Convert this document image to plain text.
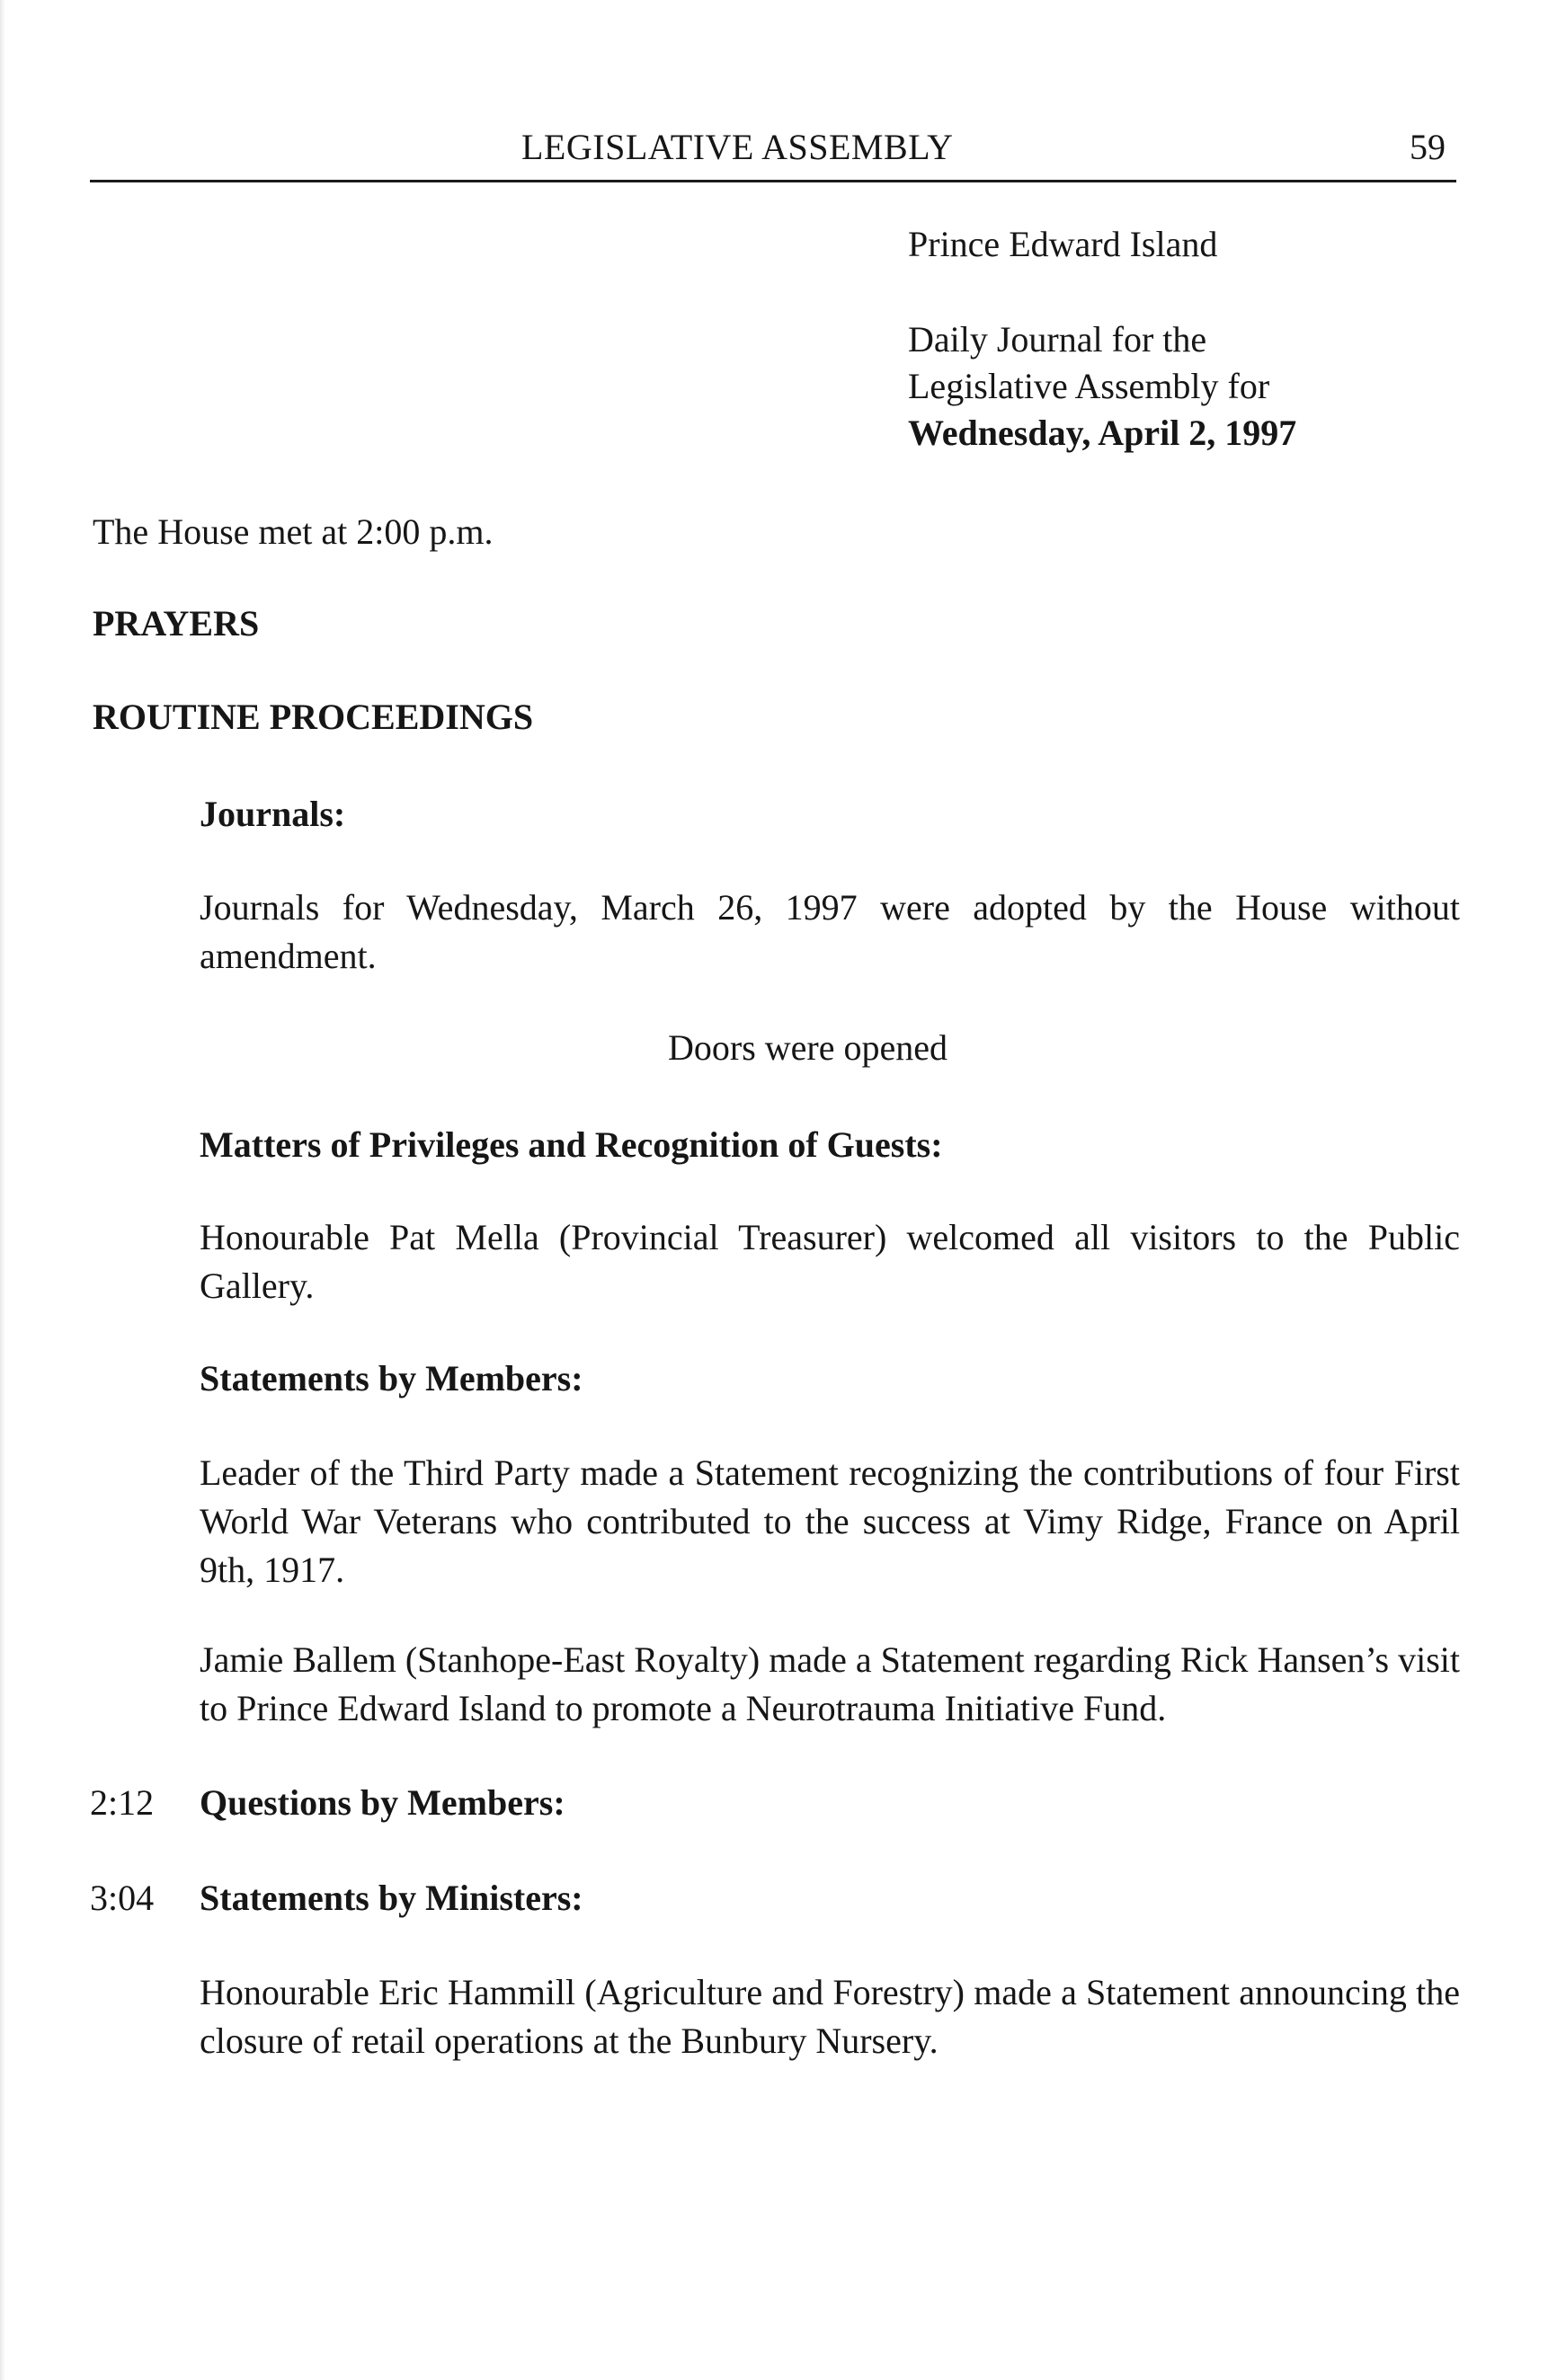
LEGISLATIVE ASSEMBLY	59

Prince Edward Island

Daily Journal for the

Legislative Assembly for

Wednesday, April 2, 1997

The House met at 2:00 p.m.

PRAYERS

ROUTINE PROCEEDINGS

Journals:

Journals for Wednesday, March 26, 1997 were adopted by the House without amendment.

Doors were opened

Matters of Privileges and Recognition of Guests:

Honourable Pat Mella (Provincial Treasurer) welcomed all visitors to the Public Gallery.

Statements by Members:

Leader of the Third Party made a Statement recognizing the contributions of four First World War Veterans who contributed to the success at Vimy Ridge, France on April 9th, 1917.

Jamie Ballem (Stanhope-East Royalty) made a Statement regarding Rick Hansen’s visit to Prince Edward Island to promote a Neurotrauma Initiative Fund.

2:12 Questions by Members:

3:04 Statements by Ministers:

Honourable Eric Hammill (Agriculture and Forestry) made a Statement announcing the closure of retail operations at the Bunbury Nursery.
